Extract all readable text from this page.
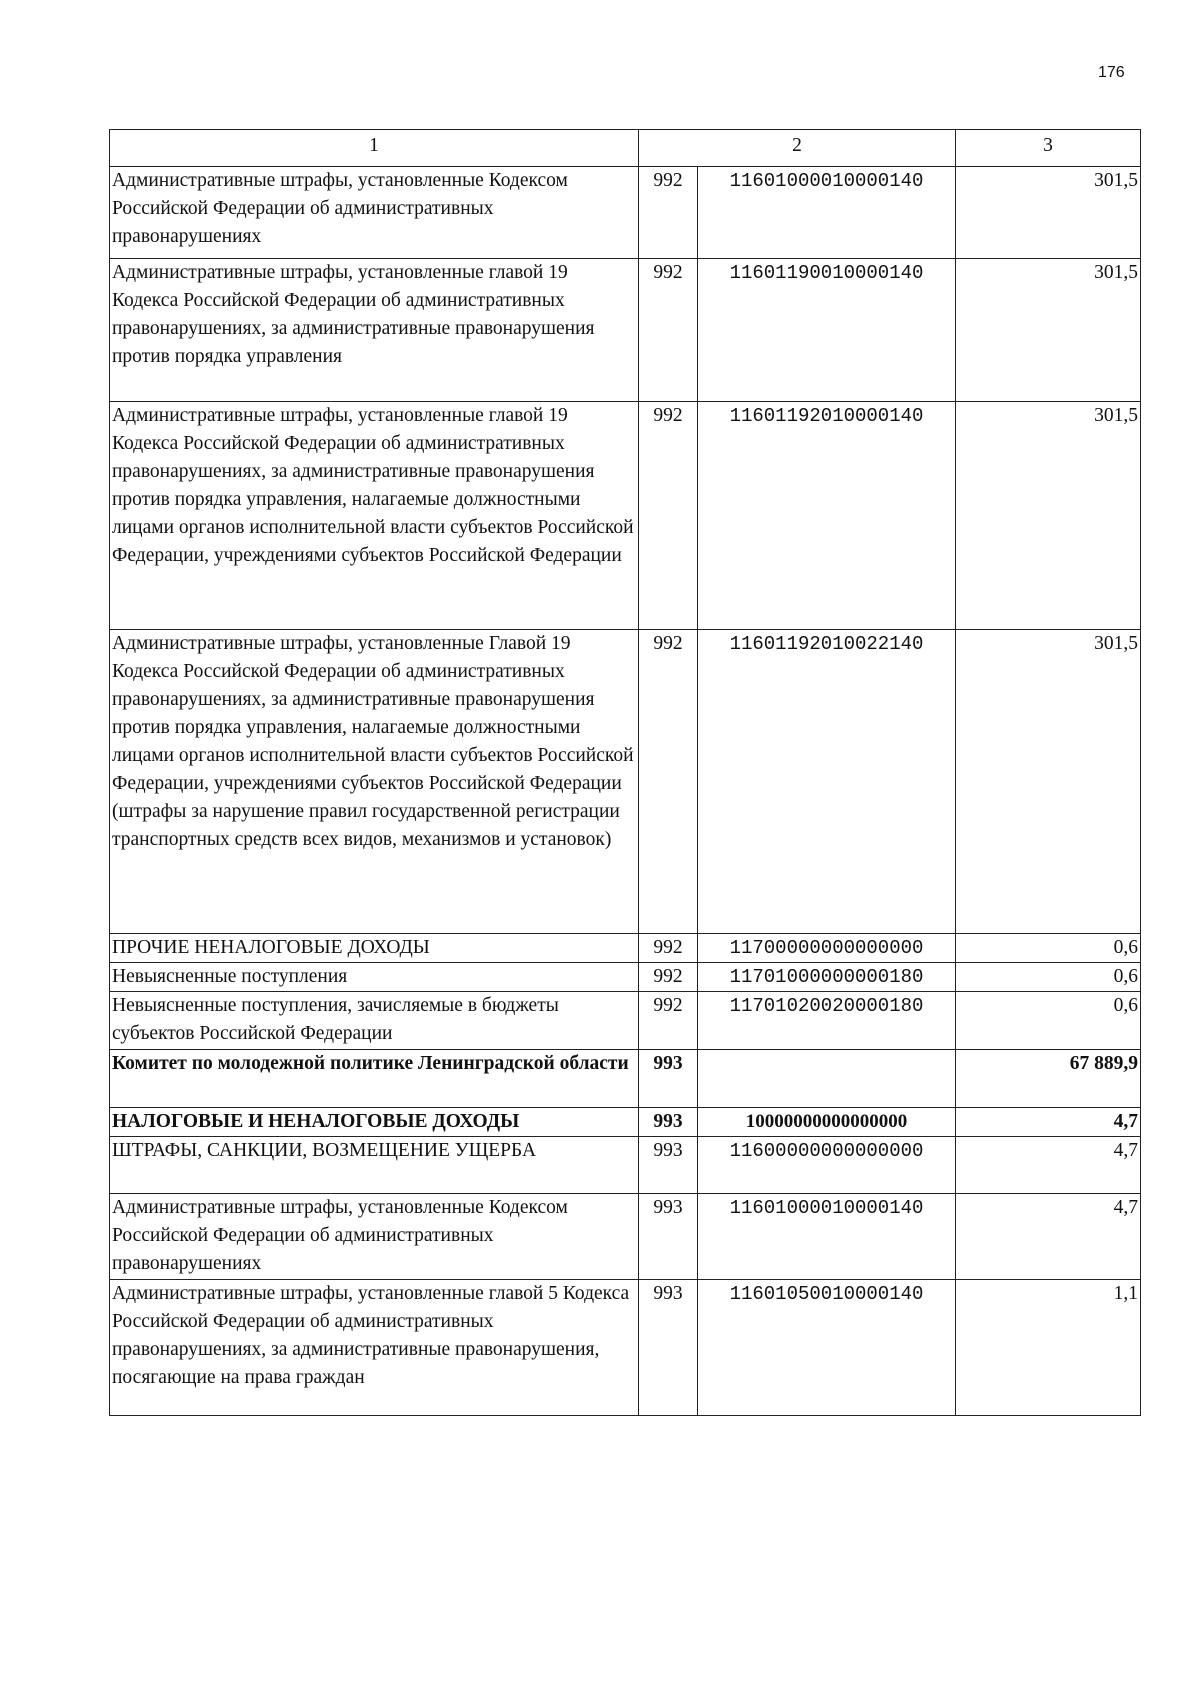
176
1	2		3
Административные штрафы, установленные Кодексом Российской Федерации об административных правонарушениях	992	11601000010000140	301,5
Административные штрафы, установленные главой 19 Кодекса Российской Федерации об административных правонарушениях, за административные правонарушения против порядка управления	992	11601190010000140	301,5
Административные штрафы, установленные главой 19 Кодекса Российской Федерации об административных правонарушениях, за административные правонарушения против порядка управления, налагаемые должностными лицами органов исполнительной власти субъектов Российской Федерации, учреждениями субъектов Российской Федерации	992	11601192010000140	301,5
Административные штрафы, установленные Главой 19 Кодекса Российской Федерации об административных правонарушениях, за административные правонарушения против порядка управления, налагаемые должностными лицами органов исполнительной власти субъектов Российской Федерации, учреждениями субъектов Российской Федерации (штрафы за нарушение правил государственной регистрации транспортных средств всех видов, механизмов и установок)	992	11601192010022140	301,5
ПРОЧИЕ НЕНАЛОГОВЫЕ ДОХОДЫ	992	11700000000000000	0,6
Невыясненные поступления	992	11701000000000180	0,6
Невыясненные поступления, зачисляемые в бюджеты субъектов Российской Федерации	992	11701020020000180	0,6
Комитет по молодежной политике Ленинградской области	993		67 889,9
НАЛОГОВЫЕ И НЕНАЛОГОВЫЕ ДОХОДЫ	993	10000000000000000	4,7
ШТРАФЫ, САНКЦИИ, ВОЗМЕЩЕНИЕ УЩЕРБА	993	11600000000000000	4,7
Административные штрафы, установленные Кодексом Российской Федерации об административных правонарушениях	993	11601000010000140	4,7
Административные штрафы, установленные главой 5 Кодекса Российской Федерации об административных правонарушениях, за административные правонарушения, посягающие на права граждан	993	11601050010000140	1,1
